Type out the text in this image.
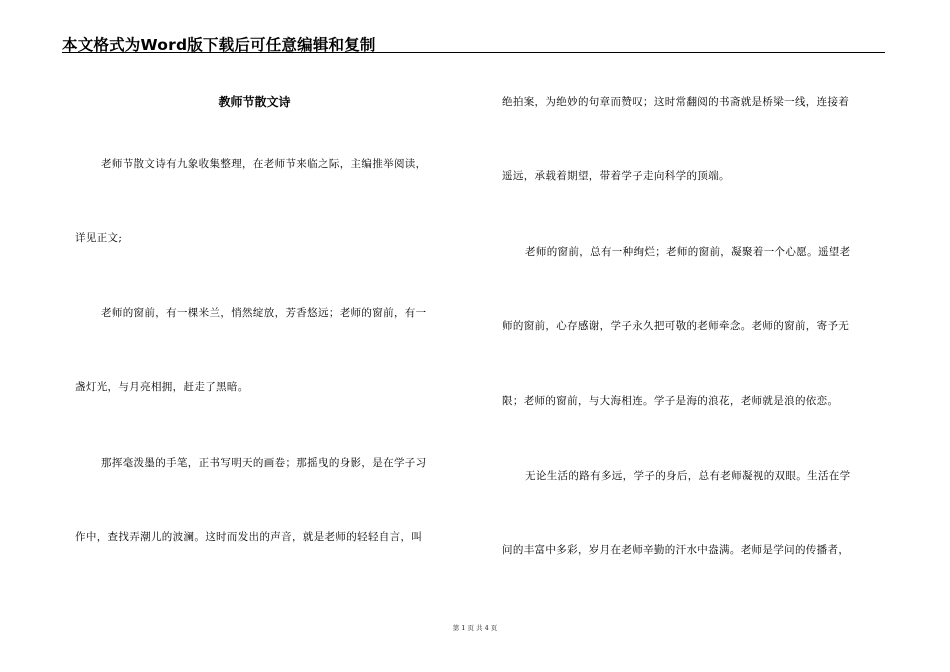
本文格式为Word版下载后可任意编辑和复制
教师节散文诗
老师节散文诗有九象收集整理，在老师节来临之际，主编推举阅读，
详见正文;
老师的窗前，有一棵米兰，悄然绽放，芳香悠远；老师的窗前，有一
盏灯光，与月亮相拥，赶走了黑暗。
那挥毫泼墨的手笔，正书写明天的画卷；那摇曳的身影，是在学子习
作中，查找弄潮儿的波澜。这时而发出的声音，就是老师的轻轻自言，叫
绝拍案，为绝妙的句章而赞叹；这时常翻阅的书斋就是桥梁一线，连接着
遥远，承载着期望，带着学子走向科学的顶端。
老师的窗前，总有一种绚烂；老师的窗前，凝聚着一个心愿。遥望老
师的窗前，心存感谢，学子永久把可敬的老师牵念。老师的窗前，寄予无
限；老师的窗前，与大海相连。学子是海的浪花，老师就是浪的依恋。
无论生活的路有多远，学子的身后，总有老师凝视的双眼。生活在学
问的丰富中多彩，岁月在老师辛勤的汗水中盎满。老师是学问的传播者，
第 1 页 共 4 页
